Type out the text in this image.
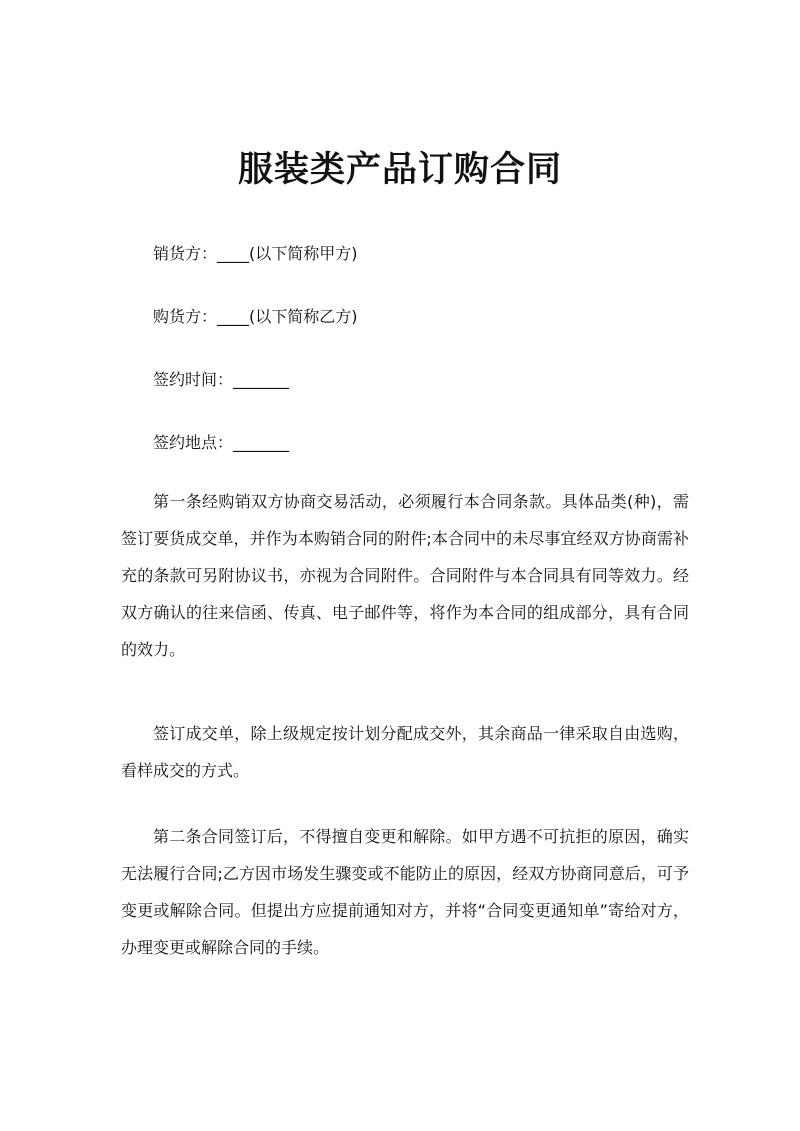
服装类产品订购合同

销货方：____(以下简称甲方)

购货方：____(以下简称乙方)

签约时间：_______

签约地点：_______

第一条经购销双方协商交易活动，必须履行本合同条款。具体品类(种)，需签订要货成交单，并作为本购销合同的附件;本合同中的未尽事宜经双方协商需补充的条款可另附协议书，亦视为合同附件。合同附件与本合同具有同等效力。经双方确认的往来信函、传真、电子邮件等，将作为本合同的组成部分，具有合同的效力。

签订成交单，除上级规定按计划分配成交外，其余商品一律采取自由选购，看样成交的方式。

第二条合同签订后，不得擅自变更和解除。如甲方遇不可抗拒的原因，确实无法履行合同;乙方因市场发生骤变或不能防止的原因，经双方协商同意后，可予变更或解除合同。但提出方应提前通知对方，并将“合同变更通知单”寄给对方，办理变更或解除合同的手续。
